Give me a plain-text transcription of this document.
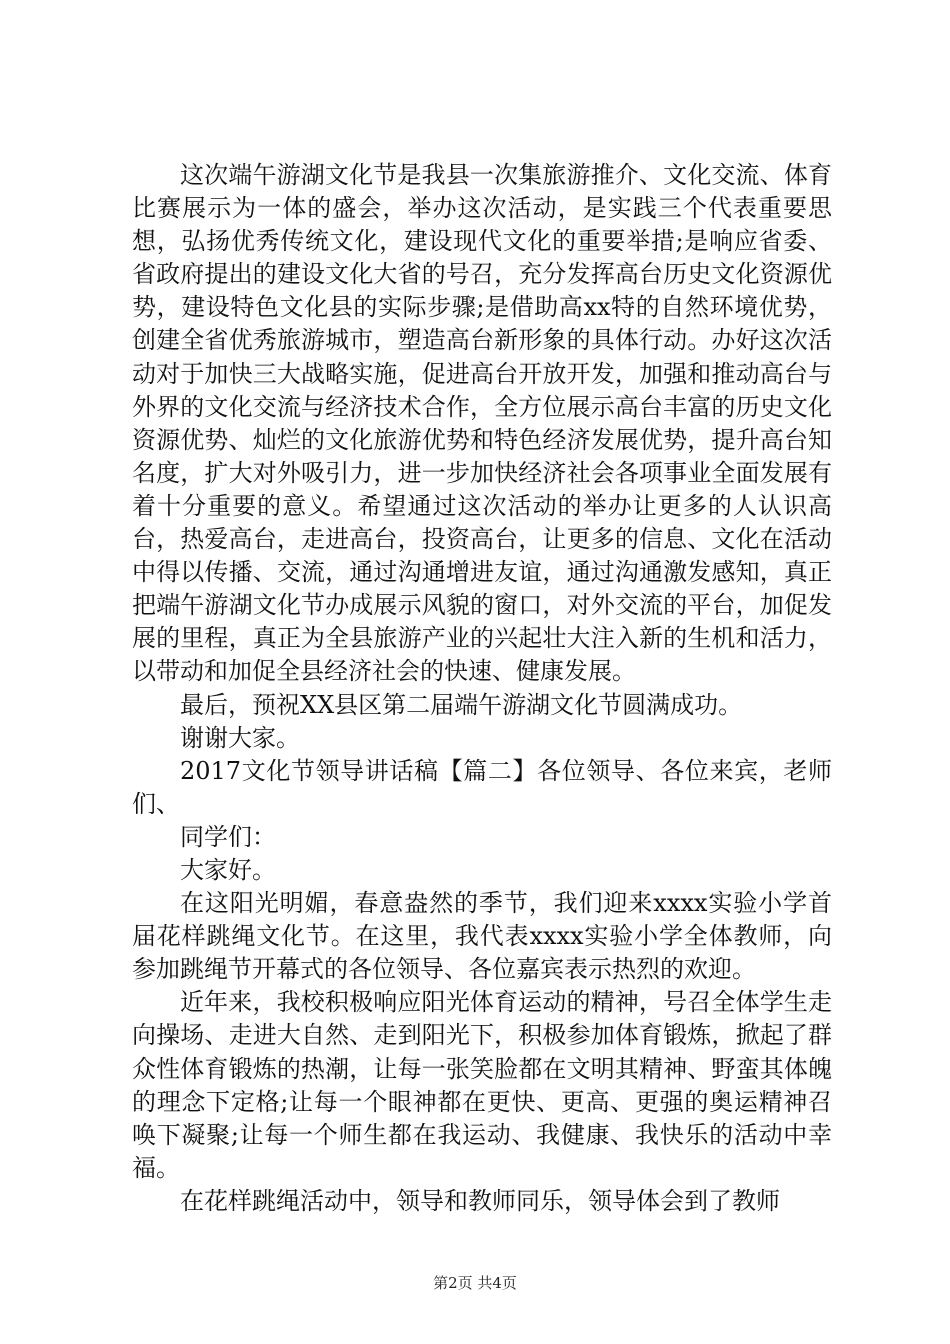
这次端午游湖文化节是我县一次集旅游推介、文化交流、体育比赛展示为一体的盛会，举办这次活动，是实践三个代表重要思想，弘扬优秀传统文化，建设现代文化的重要举措;是响应省委、省政府提出的建设文化大省的号召，充分发挥高台历史文化资源优势，建设特色文化县的实际步骤;是借助高xx特的自然环境优势，创建全省优秀旅游城市，塑造高台新形象的具体行动。办好这次活动对于加快三大战略实施，促进高台开放开发，加强和推动高台与外界的文化交流与经济技术合作，全方位展示高台丰富的历史文化资源优势、灿烂的文化旅游优势和特色经济发展优势，提升高台知名度，扩大对外吸引力，进一步加快经济社会各项事业全面发展有着十分重要的意义。希望通过这次活动的举办让更多的人认识高台，热爱高台，走进高台，投资高台，让更多的信息、文化在活动中得以传播、交流，通过沟通增进友谊，通过沟通激发感知，真正把端午游湖文化节办成展示风貌的窗口，对外交流的平台，加促发展的里程，真正为全县旅游产业的兴起壮大注入新的生机和活力，以带动和加促全县经济社会的快速、健康发展。

最后，预祝XX县区第二届端午游湖文化节圆满成功。

谢谢大家。

2017文化节领导讲话稿【篇二】各位领导、各位来宾，老师们、

同学们：

大家好。

在这阳光明媚，春意盎然的季节，我们迎来xxxx实验小学首届花样跳绳文化节。在这里，我代表xxxx实验小学全体教师，向参加跳绳节开幕式的各位领导、各位嘉宾表示热烈的欢迎。

近年来，我校积极响应阳光体育运动的精神，号召全体学生走向操场、走进大自然、走到阳光下，积极参加体育锻炼，掀起了群众性体育锻炼的热潮，让每一张笑脸都在文明其精神、野蛮其体魄的理念下定格;让每一个眼神都在更快、更高、更强的奥运精神召唤下凝聚;让每一个师生都在我运动、我健康、我快乐的活动中幸福。

在花样跳绳活动中，领导和教师同乐，领导体会到了教师

第2页 共4页
